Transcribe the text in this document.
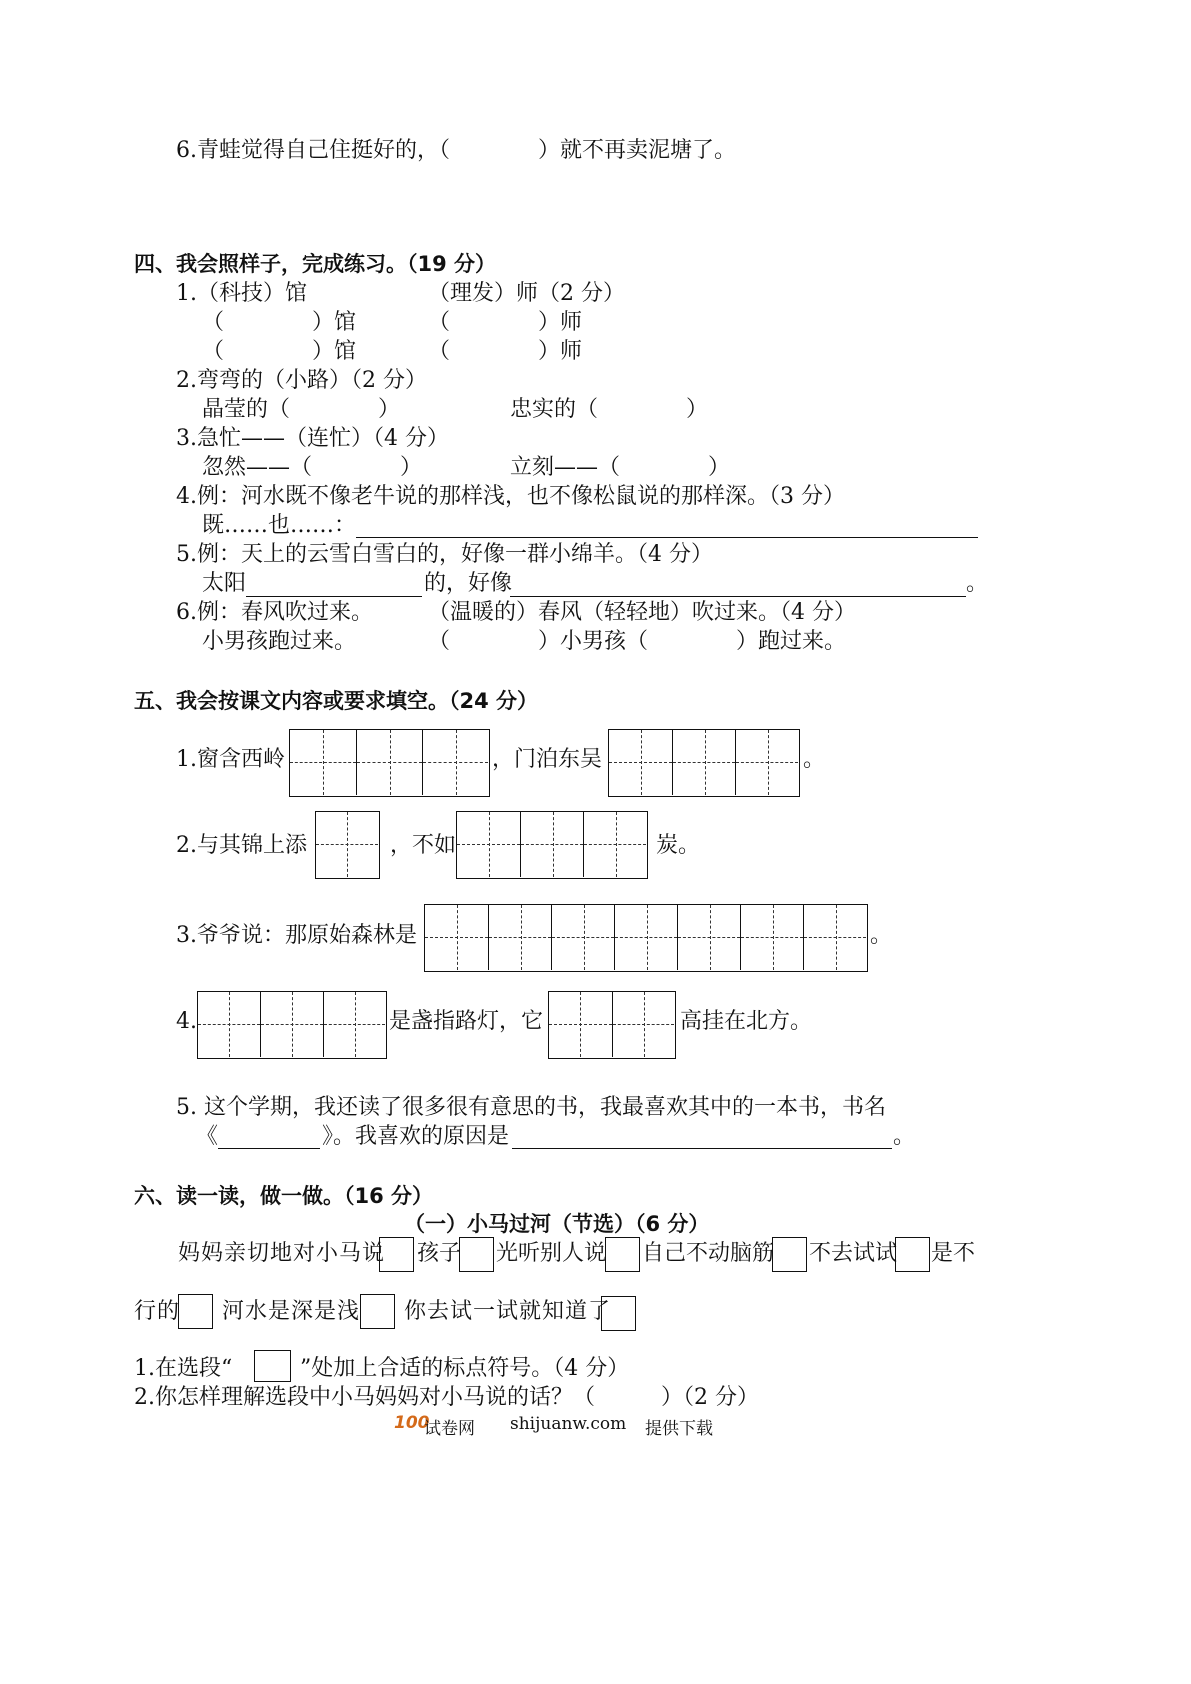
6.青蛙觉得自己住挺好的，（　　　　）就不再卖泥塘了。
四、我会照样子，完成练习。（19 分）
1.（科技）馆	（理发）师（2 分）
（　　　　）馆	（　　　　）师
（　　　　）馆	（　　　　）师
2.弯弯的（小路）（2 分）
晶莹的（　　　　）	忠实的（　　　　）
3.急忙——（连忙）（4 分）
忽然——（　　　　）	立刻——（　　　　）
4.例：河水既不像老牛说的那样浅，也不像松鼠说的那样深。（3 分）
既……也……：
5.例：天上的云雪白雪白的，好像一群小绵羊。（4 分）
太阳	的，好像	。
6.例：春风吹过来。	（温暖的）春风（轻轻地）吹过来。（4 分）
小男孩跑过来。	（　　　　）小男孩（　　　　）跑过来。
五、我会按课文内容或要求填空。（24 分）
1.窗含西岭	，门泊东吴	。
2.与其锦上添	，不如	炭。
3.爷爷说：那原始森林是	。
4.	是盏指路灯，它	高挂在北方。
5. 这个学期，我还读了很多很有意思的书，我最喜欢其中的一本书，书名
《	》。我喜欢的原因是	。
六、读一读，做一做。（16 分）
（一）小马过河（节选）（6 分）
妈妈亲切地对小马说 孩子 光听别人说 自己不动脑筋 不去试试 是不
行的 河水是深是浅 你去试一试就知道了
1.在选段“	”处加上合适的标点符号。（4 分）
2.你怎样理解选段中小马妈妈对小马说的话？（　　　）（2 分）
100
试卷网 shijuanw.com 提供下载
